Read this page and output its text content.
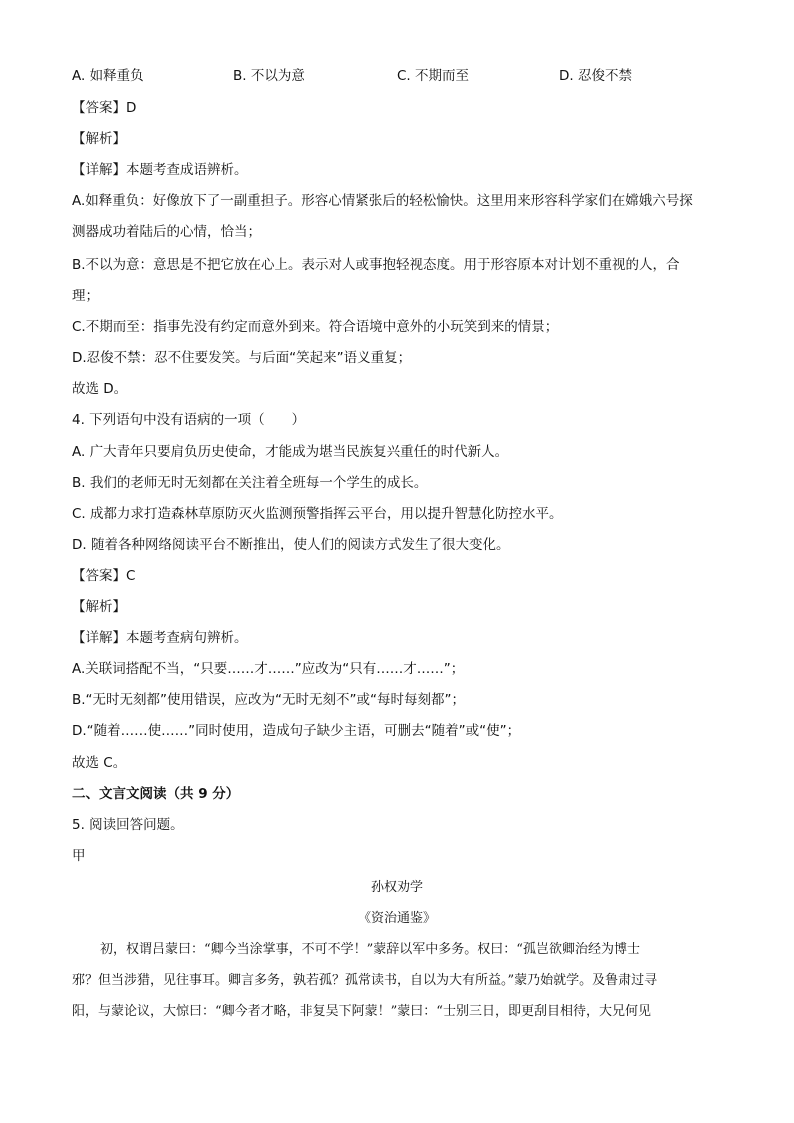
A. 如释重负	B. 不以为意	C. 不期而至	D. 忍俊不禁
【答案】D
【解析】
【详解】本题考查成语辨析。
A.如释重负：好像放下了一副重担子。形容心情紧张后的轻松愉快。这里用来形容科学家们在嫦娥六号探
测器成功着陆后的心情，恰当；
B.不以为意：意思是不把它放在心上。表示对人或事抱轻视态度。用于形容原本对计划不重视的人，合
理；
C.不期而至：指事先没有约定而意外到来。符合语境中意外的小玩笑到来的情景；
D.忍俊不禁：忍不住要发笑。与后面“笑起来”语义重复；
故选 D。
4. 下列语句中没有语病的一项（　　）
A. 广大青年只要肩负历史使命，才能成为堪当民族复兴重任的时代新人。
B. 我们的老师无时无刻都在关注着全班每一个学生的成长。
C. 成都力求打造森林草原防灭火监测预警指挥云平台，用以提升智慧化防控水平。
D. 随着各种网络阅读平台不断推出，使人们的阅读方式发生了很大变化。
【答案】C
【解析】
【详解】本题考查病句辨析。
A.关联词搭配不当，“只要……才……”应改为“只有……才……”；
B.“无时无刻都”使用错误，应改为“无时无刻不”或“每时每刻都”；
D.“随着……使……”同时使用，造成句子缺少主语，可删去“随着”或“使”；
故选 C。
二、文言文阅读（共 9 分）
5. 阅读回答问题。
甲
孙权劝学
《资治通鉴》
初，权谓吕蒙曰：“卿今当涂掌事，不可不学！”蒙辞以军中多务。权曰：“孤岂欲卿治经为博士
邪？但当涉猎，见往事耳。卿言多务，孰若孤？孤常读书，自以为大有所益。”蒙乃始就学。及鲁肃过寻
阳，与蒙论议，大惊曰：“卿今者才略，非复吴下阿蒙！”蒙曰：“士别三日，即更刮目相待，大兄何见
